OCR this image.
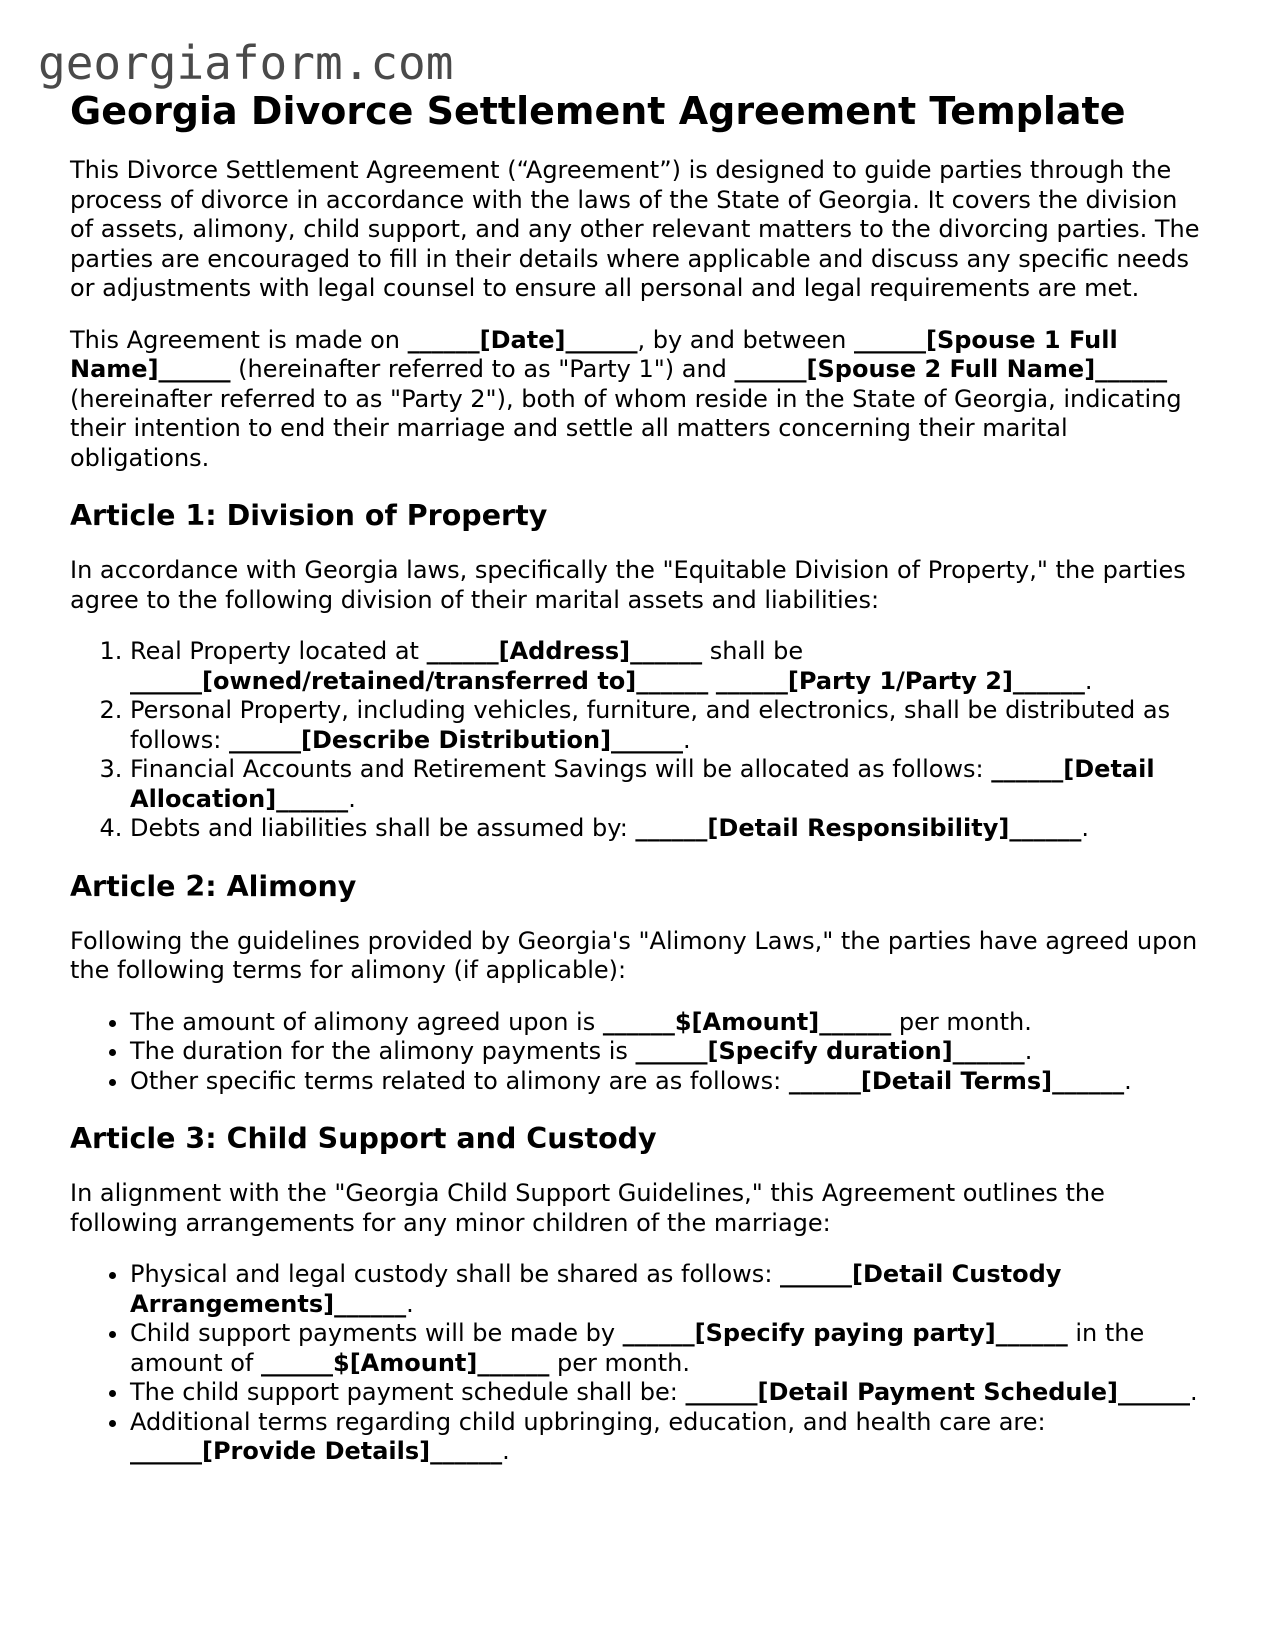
georgiaform.com
Georgia Divorce Settlement Agreement Template

This Divorce Settlement Agreement (“Agreement”) is designed to guide parties through the process of divorce in accordance with the laws of the State of Georgia. It covers the division of assets, alimony, child support, and any other relevant matters to the divorcing parties. The parties are encouraged to fill in their details where applicable and discuss any specific needs or adjustments with legal counsel to ensure all personal and legal requirements are met.

This Agreement is made on ______[Date]______, by and between ______[Spouse 1 Full Name]______ (hereinafter referred to as "Party 1") and ______[Spouse 2 Full Name]______ (hereinafter referred to as "Party 2"), both of whom reside in the State of Georgia, indicating their intention to end their marriage and settle all matters concerning their marital obligations.

Article 1: Division of Property

In accordance with Georgia laws, specifically the "Equitable Division of Property," the parties agree to the following division of their marital assets and liabilities:

1. Real Property located at ______[Address]______ shall be ______[owned/retained/transferred to]______ ______[Party 1/Party 2]______.
2. Personal Property, including vehicles, furniture, and electronics, shall be distributed as follows: ______[Describe Distribution]______.
3. Financial Accounts and Retirement Savings will be allocated as follows: ______[Detail Allocation]______.
4. Debts and liabilities shall be assumed by: ______[Detail Responsibility]______.
Article 2: Alimony

Following the guidelines provided by Georgia's "Alimony Laws," the parties have agreed upon the following terms for alimony (if applicable):

• The amount of alimony agreed upon is ______$[Amount]______ per month.
• The duration for the alimony payments is ______[Specify duration]______.
• Other specific terms related to alimony are as follows: ______[Detail Terms]______.
Article 3: Child Support and Custody

In alignment with the "Georgia Child Support Guidelines," this Agreement outlines the following arrangements for any minor children of the marriage:

• Physical and legal custody shall be shared as follows: ______[Detail Custody Arrangements]______.
• Child support payments will be made by ______[Specify paying party]______ in the amount of ______$[Amount]______ per month.
• The child support payment schedule shall be: ______[Detail Payment Schedule]______.
• Additional terms regarding child upbringing, education, and health care are: ______[Provide Details]______.
